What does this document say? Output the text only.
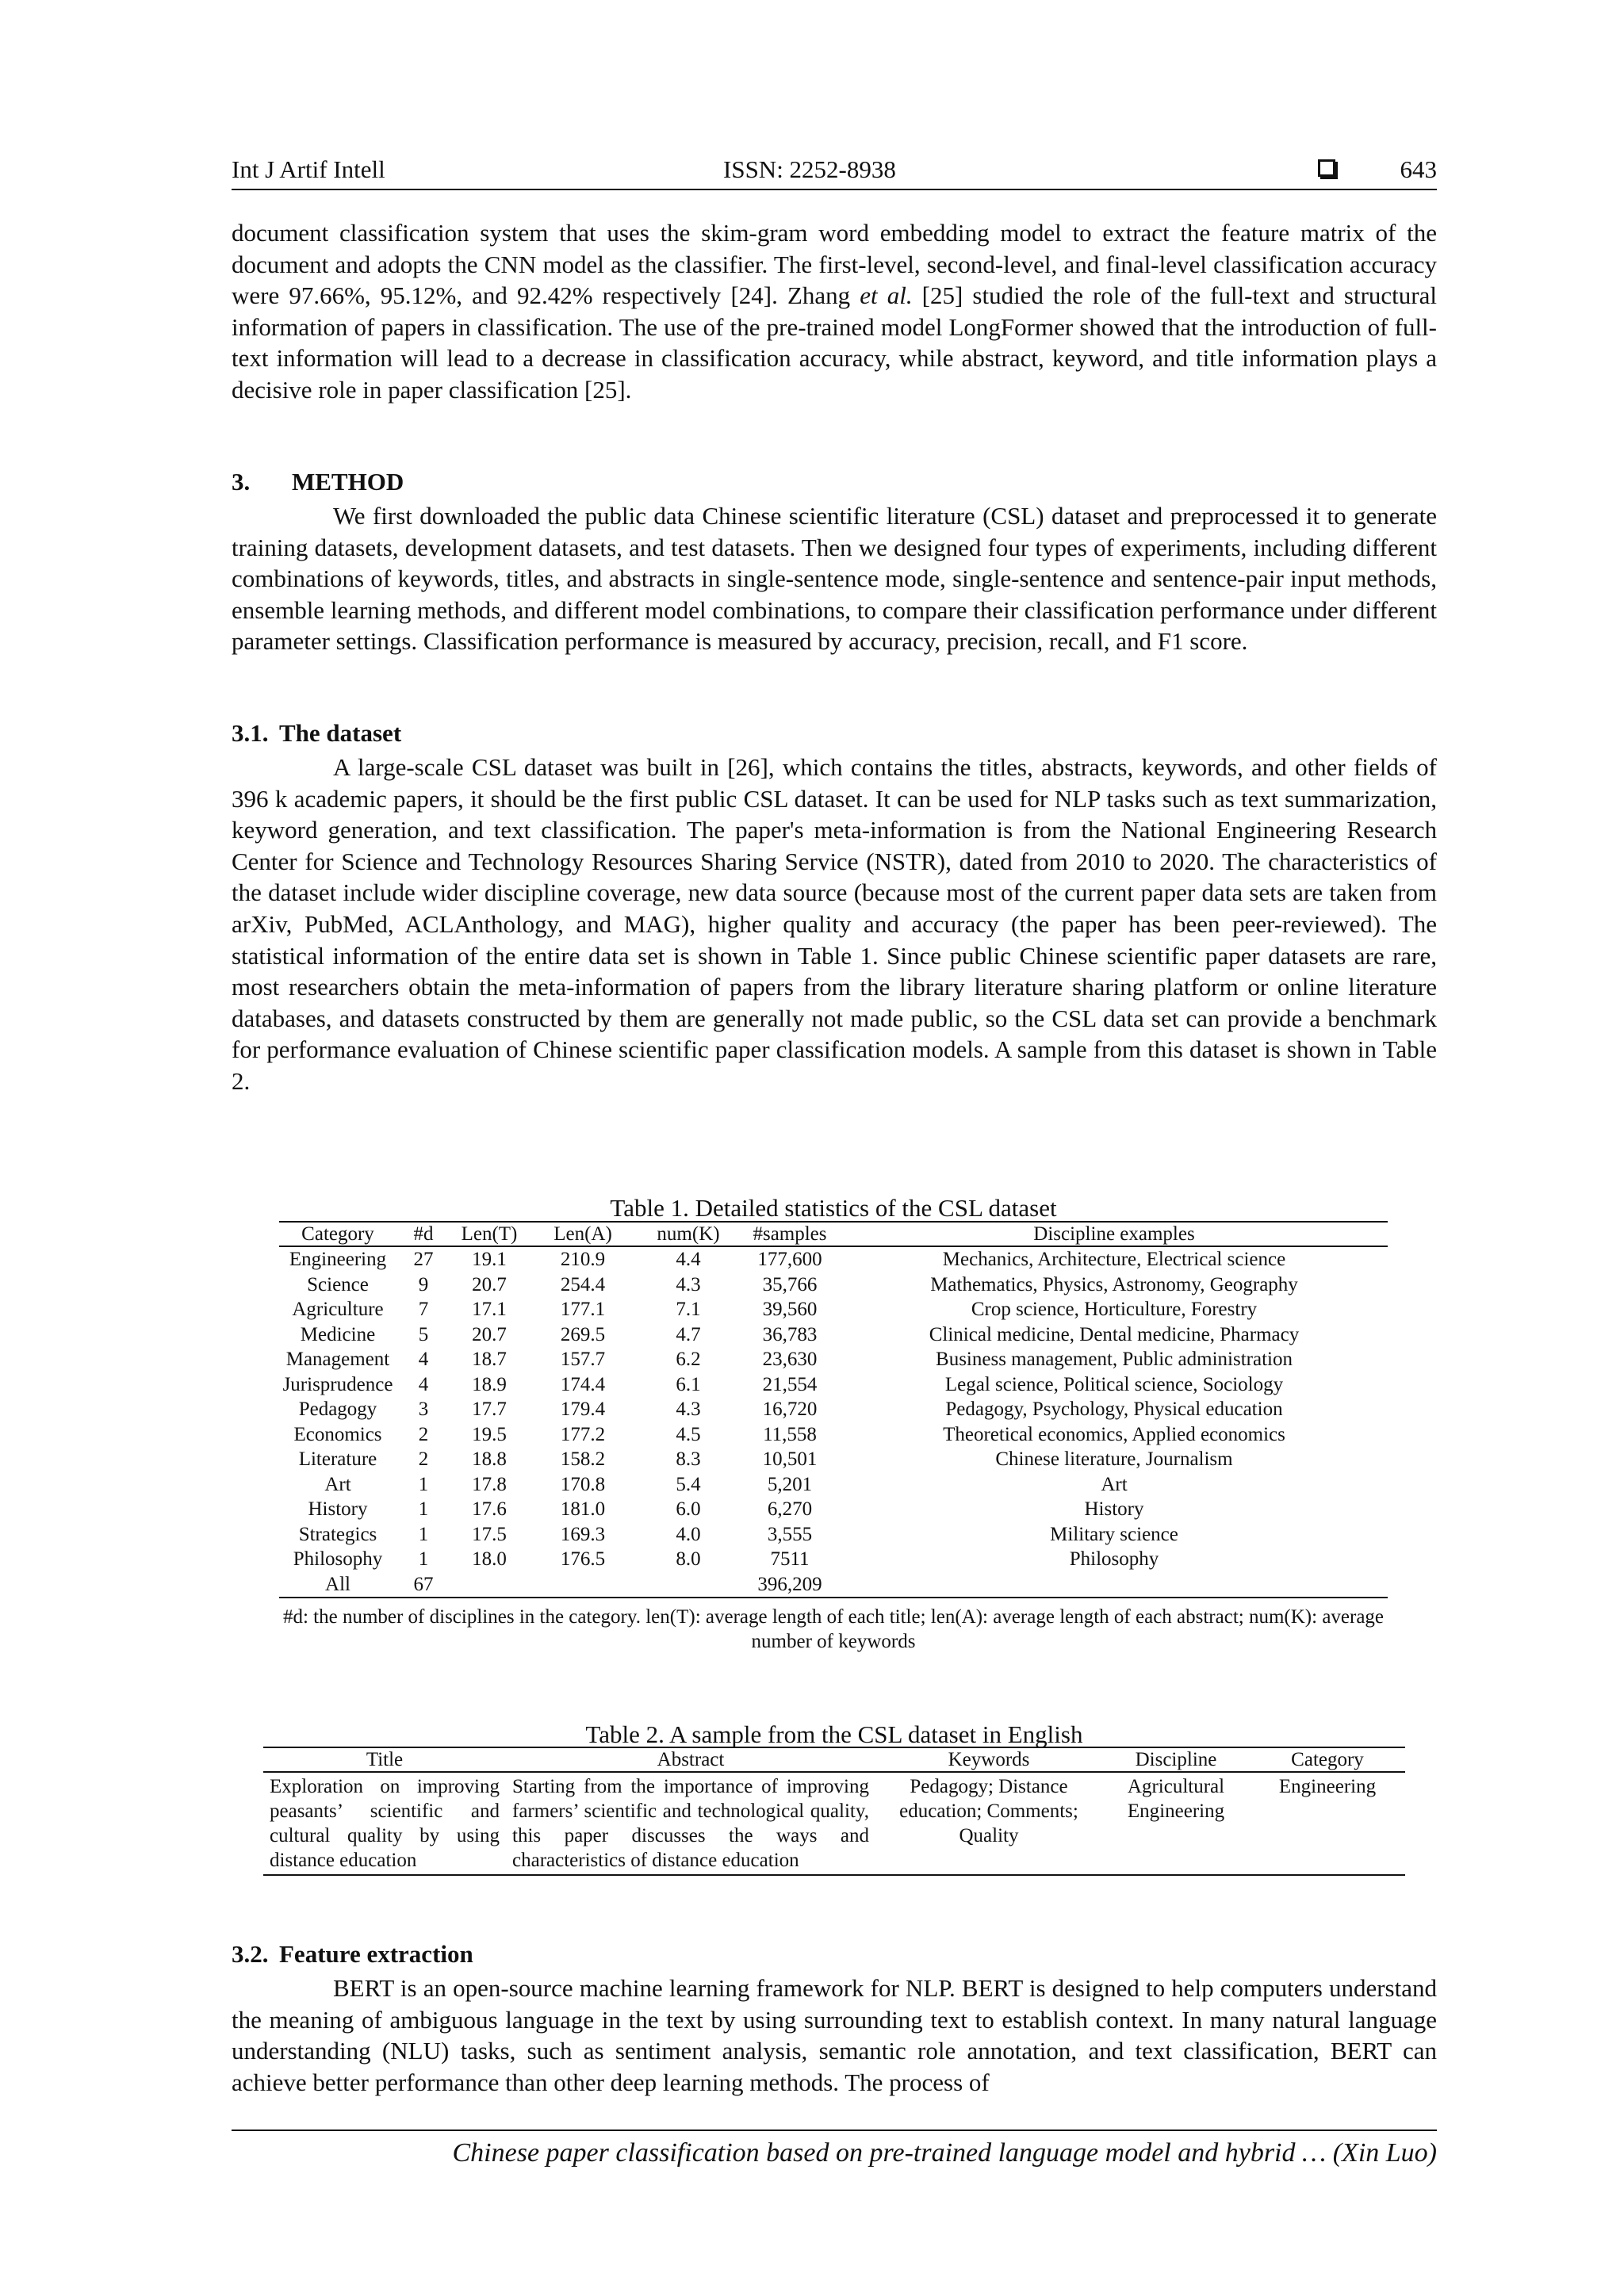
Int J Artif Intell	ISSN: 2252-8938	643
document classification system that uses the skim-gram word embedding model to extract the feature matrix of the document and adopts the CNN model as the classifier. The first-level, second-level, and final-level classification accuracy were 97.66%, 95.12%, and 92.42% respectively [24]. Zhang et al. [25] studied the role of the full-text and structural information of papers in classification. The use of the pre-trained model LongFormer showed that the introduction of full-text information will lead to a decrease in classification accuracy, while abstract, keyword, and title information plays a decisive role in paper classification [25].
3. METHOD
We first downloaded the public data Chinese scientific literature (CSL) dataset and preprocessed it to generate training datasets, development datasets, and test datasets. Then we designed four types of experiments, including different combinations of keywords, titles, and abstracts in single-sentence mode, single-sentence and sentence-pair input methods, ensemble learning methods, and different model combinations, to compare their classification performance under different parameter settings. Classification performance is measured by accuracy, precision, recall, and F1 score.
3.1. The dataset
A large-scale CSL dataset was built in [26], which contains the titles, abstracts, keywords, and other fields of 396 k academic papers, it should be the first public CSL dataset. It can be used for NLP tasks such as text summarization, keyword generation, and text classification. The paper's meta-information is from the National Engineering Research Center for Science and Technology Resources Sharing Service (NSTR), dated from 2010 to 2020. The characteristics of the dataset include wider discipline coverage, new data source (because most of the current paper data sets are taken from arXiv, PubMed, ACLAnthology, and MAG), higher quality and accuracy (the paper has been peer-reviewed). The statistical information of the entire data set is shown in Table 1. Since public Chinese scientific paper datasets are rare, most researchers obtain the meta-information of papers from the library literature sharing platform or online literature databases, and datasets constructed by them are generally not made public, so the CSL data set can provide a benchmark for performance evaluation of Chinese scientific paper classification models. A sample from this dataset is shown in Table 2.
Table 1. Detailed statistics of the CSL dataset
Category	#d	Len(T)	Len(A)	num(K)	#samples	Discipline examples
Engineering	27	19.1	210.9	4.4	177,600	Mechanics, Architecture, Electrical science
Science	9	20.7	254.4	4.3	35,766	Mathematics, Physics, Astronomy, Geography
Agriculture	7	17.1	177.1	7.1	39,560	Crop science, Horticulture, Forestry
Medicine	5	20.7	269.5	4.7	36,783	Clinical medicine, Dental medicine, Pharmacy
Management	4	18.7	157.7	6.2	23,630	Business management, Public administration
Jurisprudence	4	18.9	174.4	6.1	21,554	Legal science, Political science, Sociology
Pedagogy	3	17.7	179.4	4.3	16,720	Pedagogy, Psychology, Physical education
Economics	2	19.5	177.2	4.5	11,558	Theoretical economics, Applied economics
Literature	2	18.8	158.2	8.3	10,501	Chinese literature, Journalism
Art	1	17.8	170.8	5.4	5,201	Art
History	1	17.6	181.0	6.0	6,270	History
Strategics	1	17.5	169.3	4.0	3,555	Military science
Philosophy	1	18.0	176.5	8.0	7511	Philosophy
All	67				396,209	
#d: the number of disciplines in the category. len(T): average length of each title; len(A): average length of each abstract; num(K): average number of keywords
Table 2. A sample from the CSL dataset in English
Title	Abstract	Keywords	Discipline	Category
Exploration on improving peasants’ scientific and cultural quality by using distance education	Starting from the importance of improving farmers’ scientific and technological quality, this paper discusses the ways and characteristics of distance education	Pedagogy; Distance education; Comments; Quality	Agricultural Engineering	Engineering
3.2. Feature extraction
BERT is an open-source machine learning framework for NLP. BERT is designed to help computers understand the meaning of ambiguous language in the text by using surrounding text to establish context. In many natural language understanding (NLU) tasks, such as sentiment analysis, semantic role annotation, and text classification, BERT can achieve better performance than other deep learning methods. The process of
Chinese paper classification based on pre-trained language model and hybrid … (Xin Luo)
